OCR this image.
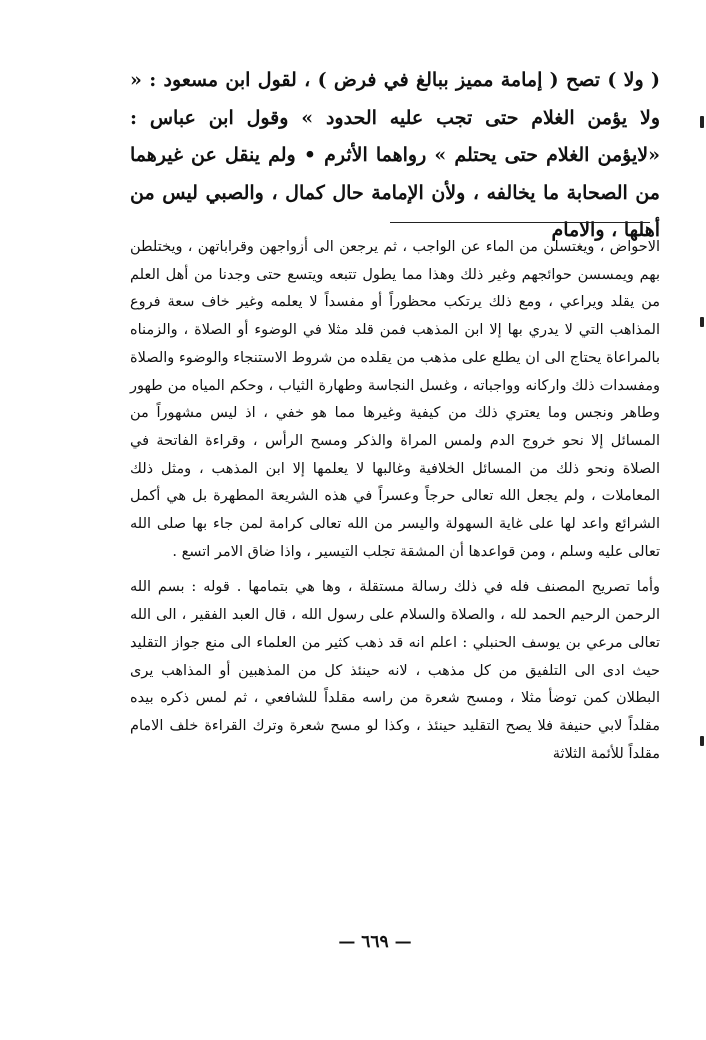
( ولا ) تصح ( إمامة مميز ببالغ في فرض ) ، لقول ابن مسعود : « ولا يؤمن الغلام حتى تجب عليه الحدود » وقول ابن عباس : «لايؤمن الغلام حتى يحتلم » رواهما الأثرم • ولم ينقل عن غيرهما من الصحابة ما يخالفه ، ولأن الإمامة حال كمال ، والصبي ليس من أهلها ، والامام

الاحواض ، ويغتسلن من الماء عن الواجب ، ثم يرجعن الى أزواجهن وقراباتهن ، ويختلطن بهم ويمسسن حوائجهم وغير ذلك وهذا مما يطول تتبعه ويتسع حتى وجدنا من أهل العلم من يقلد ويراعي ، ومع ذلك يرتكب محظوراً أو مفسداً لا يعلمه وغير خاف سعة فروع المذاهب التي لا يدري بها إلا ابن المذهب فمن قلد مثلا في الوضوء أو الصلاة ، والزمناه بالمراعاة يحتاج الى ان يطلع على مذهب من يقلده من شروط الاستنجاء والوضوء والصلاة ومفسدات ذلك واركانه وواجباته ، وغسل النجاسة وطهارة الثياب ، وحكم المياه من طهور وطاهر ونجس وما يعتري ذلك من كيفية وغيرها مما هو خفي ، اذ ليس مشهوراً من المسائل إلا نحو خروج الدم ولمس المراة والذكر ومسح الرأس ، وقراءة الفاتحة في الصلاة ونحو ذلك من المسائل الخلافية وغالبها لا يعلمها إلا ابن المذهب ، ومثل ذلك المعاملات ، ولم يجعل الله تعالى حرجاً وعسراً في هذه الشريعة المطهرة بل هي أكمل الشرائع واعد لها على غاية السهولة واليسر من الله تعالى كرامة لمن جاء بها صلى الله تعالى عليه وسلم ، ومن قواعدها أن المشقة تجلب التيسير ، واذا ضاق الامر اتسع .

وأما تصريح المصنف فله في ذلك رسالة مستقلة ، وها هي بتمامها . قوله : بسم الله الرحمن الرحيم الحمد لله ، والصلاة والسلام على رسول الله ، قال العبد الفقير ، الى الله تعالى مرعي بن يوسف الحنبلي : اعلم انه قد ذهب كثير من العلماء الى منع جواز التقليد حيث ادى الى التلفيق من كل مذهب ، لانه حينئذ كل من المذهبين أو المذاهب يرى البطلان كمن توضأ مثلا ، ومسح شعرة من راسه مقلداً للشافعي ، ثم لمس ذكره بيده مقلداً لابي حنيفة فلا يصح التقليد حينئذ ، وكذا لو مسح شعرة وترك القراءة خلف الامام مقلداً للأئمة الثلاثة

— ٦٦٩ —
